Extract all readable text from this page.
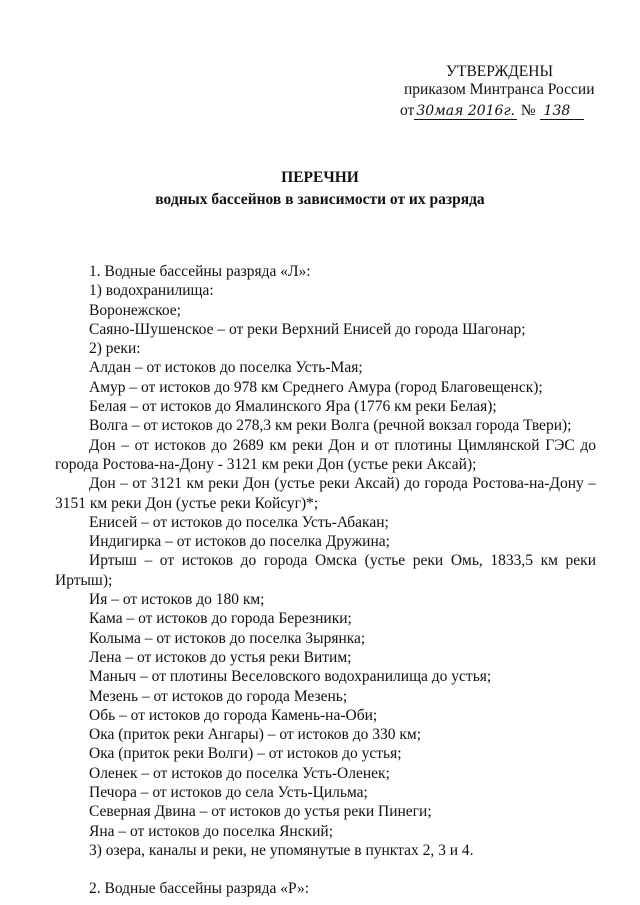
УТВЕРЖДЕНЫ
приказом Минтранса России
от 30мая 2016г. № 138
ПЕРЕЧНИ
водных бассейнов в зависимости от их разряда
1. Водные бассейны разряда «Л»:
1) водохранилища:
Воронежское;
Саяно-Шушенское – от реки Верхний Енисей до города Шагонар;
2) реки:
Алдан – от истоков до поселка Усть-Мая;
Амур – от истоков до 978 км Среднего Амура (город Благовещенск);
Белая – от истоков до Ямалинского Яра (1776 км реки Белая);
Волга – от истоков до 278,3 км реки Волга (речной вокзал города Твери);
Дон – от истоков до 2689 км реки Дон и от плотины Цимлянской ГЭС до
города Ростова-на-Дону - 3121 км реки Дон (устье реки Аксай);
Дон – от 3121 км реки Дон (устье реки Аксай) до города Ростова-на-Дону –
3151 км реки Дон (устье реки Койсуг)*;
Енисей – от истоков до поселка Усть-Абакан;
Индигирка – от истоков до поселка Дружина;
Иртыш – от истоков до города Омска (устье реки Омь, 1833,5 км реки
Иртыш);
Ия – от истоков до 180 км;
Кама – от истоков до города Березники;
Колыма – от истоков до поселка Зырянка;
Лена – от истоков до устья реки Витим;
Маныч – от плотины Веселовского водохранилища до устья;
Мезень – от истоков до города Мезень;
Обь – от истоков до города Камень-на-Оби;
Ока (приток реки Ангары) – от истоков до 330 км;
Ока (приток реки Волги) – от истоков до устья;
Оленек – от истоков до поселка Усть-Оленек;
Печора – от истоков до села Усть-Цильма;
Северная Двина – от истоков до устья реки Пинеги;
Яна – от истоков до поселка Янский;
3) озера, каналы и реки, не упомянутые в пунктах 2, 3 и 4.
2. Водные бассейны разряда «Р»:
